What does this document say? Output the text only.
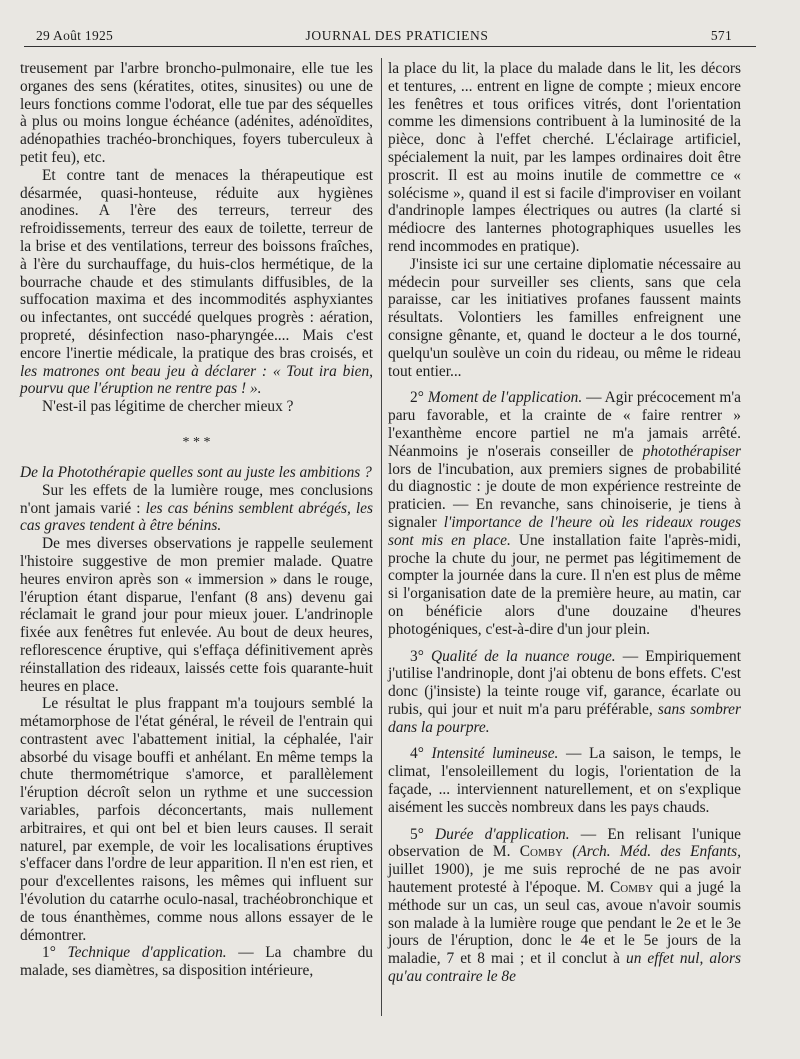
29 Août 1925	JOURNAL DES PRATICIENS	571

treusement par l'arbre broncho-pulmonaire, elle tue les organes des sens (kératites, otites, sinusites) ou une de leurs fonctions comme l'odorat, elle tue par des séquelles à plus ou moins longue échéance (adénites, adénoïdites, adénopathies trachéo-bronchiques, foyers tuberculeux à petit feu), etc.

Et contre tant de menaces la thérapeutique est désarmée, quasi-honteuse, réduite aux hygiènes anodines. A l'ère des terreurs, terreur des refroidissements, terreur des eaux de toilette, terreur de la brise et des ventilations, terreur des boissons fraîches, à l'ère du surchauffage, du huis-clos hermétique, de la bourrache chaude et des stimulants diffusibles, de la suffocation maxima et des incommodités asphyxiantes ou infectantes, ont succédé quelques progrès : aération, propreté, désinfection naso-pharyngée.... Mais c'est encore l'inertie médicale, la pratique des bras croisés, et les matrones ont beau jeu à déclarer : « Tout ira bien, pourvu que l'éruption ne rentre pas ! ».

N'est-il pas légitime de chercher mieux ?

* * *

De la Photothérapie quelles sont au juste les ambitions ?

Sur les effets de la lumière rouge, mes conclusions n'ont jamais varié : les cas bénins semblent abrégés, les cas graves tendent à être bénins.

De mes diverses observations je rappelle seulement l'histoire suggestive de mon premier malade. Quatre heures environ après son « immersion » dans le rouge, l'éruption étant disparue, l'enfant (8 ans) devenu gai réclamait le grand jour pour mieux jouer. L'andrinople fixée aux fenêtres fut enlevée. Au bout de deux heures, reflorescence éruptive, qui s'effaça définitivement après réinstallation des rideaux, laissés cette fois quarante-huit heures en place.

Le résultat le plus frappant m'a toujours semblé la métamorphose de l'état général, le réveil de l'entrain qui contrastent avec l'abattement initial, la céphalée, l'air absorbé du visage bouffi et anhélant. En même temps la chute thermométrique s'amorce, et parallèlement l'éruption décroît selon un rythme et une succession variables, parfois déconcertants, mais nullement arbitraires, et qui ont bel et bien leurs causes. Il serait naturel, par exemple, de voir les localisations éruptives s'effacer dans l'ordre de leur apparition. Il n'en est rien, et pour d'excellentes raisons, les mêmes qui influent sur l'évolution du catarrhe oculo-nasal, trachéobronchique et de tous énanthèmes, comme nous allons essayer de le démontrer.

1° Technique d'application. — La chambre du malade, ses diamètres, sa disposition intérieure,

la place du lit, la place du malade dans le lit, les décors et tentures, ... entrent en ligne de compte ; mieux encore les fenêtres et tous orifices vitrés, dont l'orientation comme les dimensions contribuent à la luminosité de la pièce, donc à l'effet cherché. L'éclairage artificiel, spécialement la nuit, par les lampes ordinaires doit être proscrit. Il est au moins inutile de commettre ce « solécisme », quand il est si facile d'improviser en voilant d'andrinople lampes électriques ou autres (la clarté si médiocre des lanternes photographiques usuelles les rend incommodes en pratique).

J'insiste ici sur une certaine diplomatie nécessaire au médecin pour surveiller ses clients, sans que cela paraisse, car les initiatives profanes faussent maints résultats. Volontiers les familles enfreignent une consigne gênante, et, quand le docteur a le dos tourné, quelqu'un soulève un coin du rideau, ou même le rideau tout entier...

2° Moment de l'application. — Agir précocement m'a paru favorable, et la crainte de « faire rentrer » l'exanthème encore partiel ne m'a jamais arrêté. Néanmoins je n'oserais conseiller de photothérapiser lors de l'incubation, aux premiers signes de probabilité du diagnostic : je doute de mon expérience restreinte de praticien. — En revanche, sans chinoiserie, je tiens à signaler l'importance de l'heure où les rideaux rouges sont mis en place. Une installation faite l'après-midi, proche la chute du jour, ne permet pas légitimement de compter la journée dans la cure. Il n'en est plus de même si l'organisation date de la première heure, au matin, car on bénéficie alors d'une douzaine d'heures photogéniques, c'est-à-dire d'un jour plein.

3° Qualité de la nuance rouge. — Empiriquement j'utilise l'andrinople, dont j'ai obtenu de bons effets. C'est donc (j'insiste) la teinte rouge vif, garance, écarlate ou rubis, qui jour et nuit m'a paru préférable, sans sombrer dans la pourpre.

4° Intensité lumineuse. — La saison, le temps, le climat, l'ensoleillement du logis, l'orientation de la façade, ... interviennent naturellement, et on s'explique aisément les succès nombreux dans les pays chauds.

5° Durée d'application. — En relisant l'unique observation de M. Comby (Arch. Méd. des Enfants, juillet 1900), je me suis reproché de ne pas avoir hautement protesté à l'époque. M. Comby qui a jugé la méthode sur un cas, un seul cas, avoue n'avoir soumis son malade à la lumière rouge que pendant le 2e et le 3e jours de l'éruption, donc le 4e et le 5e jours de la maladie, 7 et 8 mai ; et il conclut à un effet nul, alors qu'au contraire le 8e
